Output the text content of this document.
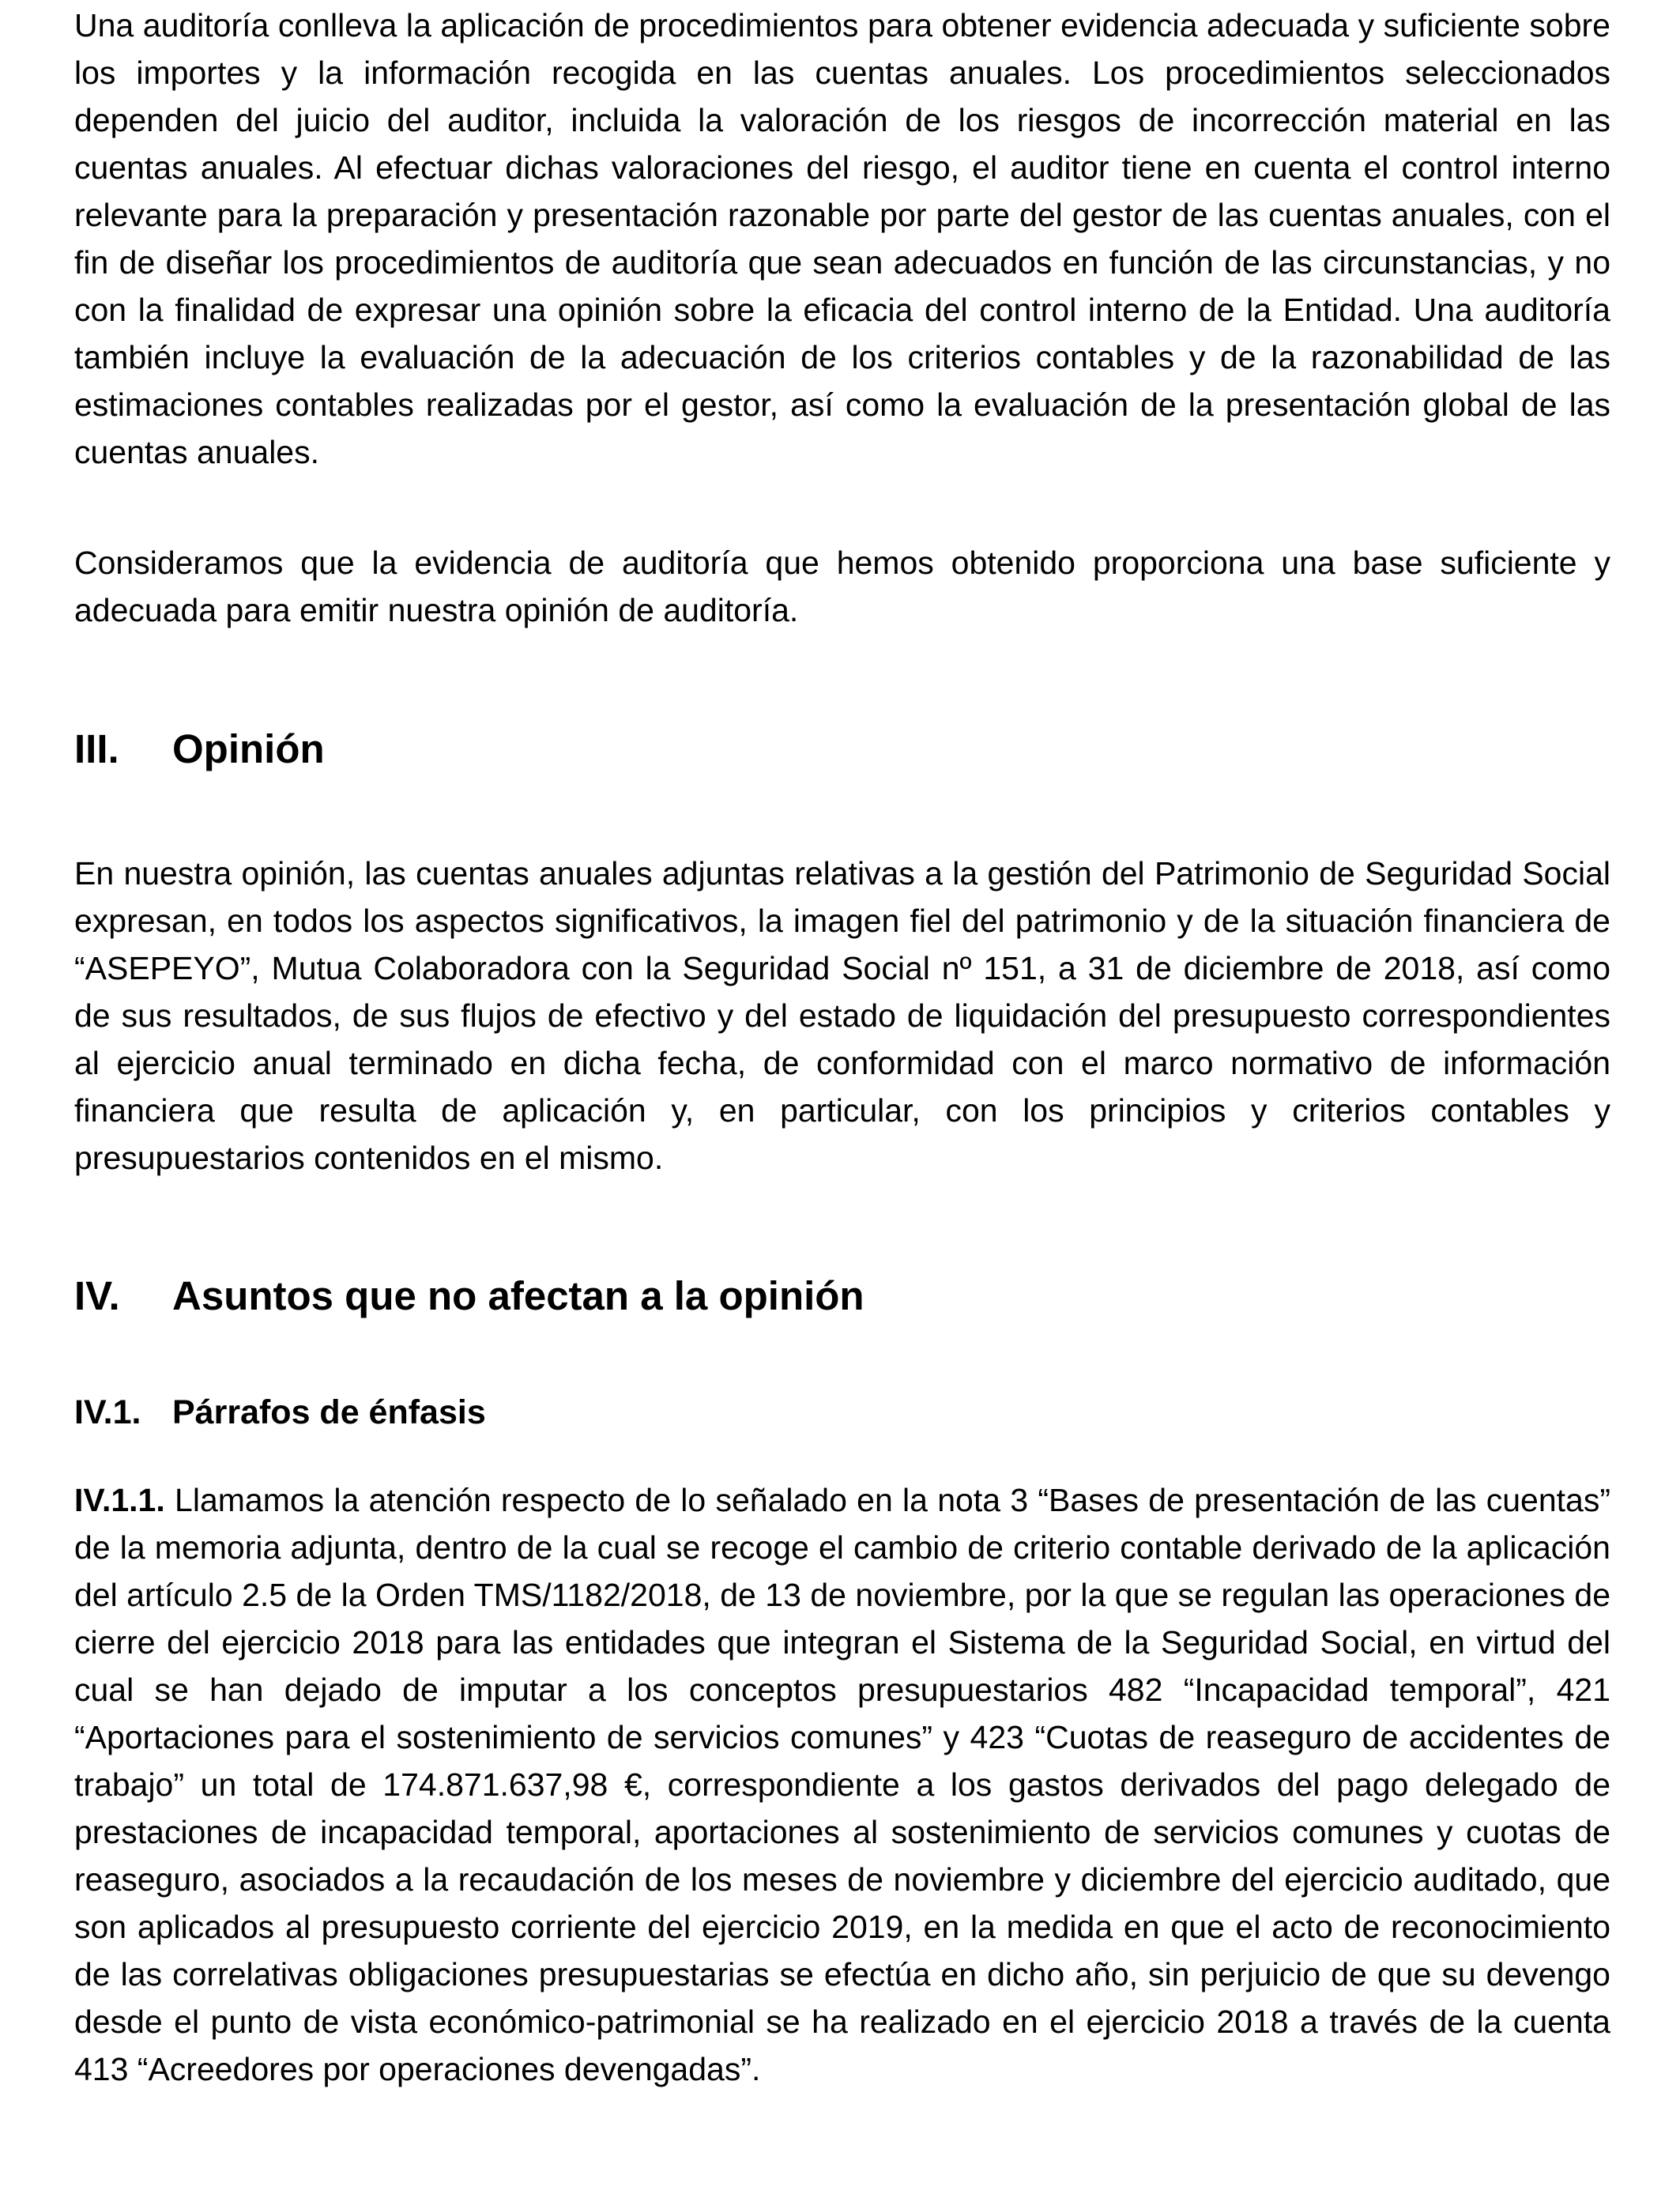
Una auditoría conlleva la aplicación de procedimientos para obtener evidencia adecuada y suficiente sobre los importes y la información recogida en las cuentas anuales. Los procedimientos seleccionados dependen del juicio del auditor, incluida la valoración de los riesgos de incorrección material en las cuentas anuales. Al efectuar dichas valoraciones del riesgo, el auditor tiene en cuenta el control interno relevante para la preparación y presentación razonable por parte del gestor de las cuentas anuales, con el fin de diseñar los procedimientos de auditoría que sean adecuados en función de las circunstancias, y no con la finalidad de expresar una opinión sobre la eficacia del control interno de la Entidad. Una auditoría también incluye la evaluación de la adecuación de los criterios contables y de la razonabilidad de las estimaciones contables realizadas por el gestor, así como la evaluación de la presentación global de las cuentas anuales.

Consideramos que la evidencia de auditoría que hemos obtenido proporciona una base suficiente y adecuada para emitir nuestra opinión de auditoría.

III. Opinión

En nuestra opinión, las cuentas anuales adjuntas relativas a la gestión del Patrimonio de Seguridad Social expresan, en todos los aspectos significativos, la imagen fiel del patrimonio y de la situación financiera de “ASEPEYO”, Mutua Colaboradora con la Seguridad Social nº 151, a 31 de diciembre de 2018, así como de sus resultados, de sus flujos de efectivo y del estado de liquidación del presupuesto correspondientes al ejercicio anual terminado en dicha fecha, de conformidad con el marco normativo de información financiera que resulta de aplicación y, en particular, con los principios y criterios contables y presupuestarios contenidos en el mismo.

IV. Asuntos que no afectan a la opinión
IV.1. Párrafos de énfasis

IV.1.1. Llamamos la atención respecto de lo señalado en la nota 3 “Bases de presentación de las cuentas” de la memoria adjunta, dentro de la cual se recoge el cambio de criterio contable derivado de la aplicación del artículo 2.5 de la Orden TMS/1182/2018, de 13 de noviembre, por la que se regulan las operaciones de cierre del ejercicio 2018 para las entidades que integran el Sistema de la Seguridad Social, en virtud del cual se han dejado de imputar a los conceptos presupuestarios 482 “Incapacidad temporal”, 421 “Aportaciones para el sostenimiento de servicios comunes” y 423 “Cuotas de reaseguro de accidentes de trabajo” un total de 174.871.637,98 €, correspondiente a los gastos derivados del pago delegado de prestaciones de incapacidad temporal, aportaciones al sostenimiento de servicios comunes y cuotas de reaseguro, asociados a la recaudación de los meses de noviembre y diciembre del ejercicio auditado, que son aplicados al presupuesto corriente del ejercicio 2019, en la medida en que el acto de reconocimiento de las correlativas obligaciones presupuestarias se efectúa en dicho año, sin perjuicio de que su devengo desde el punto de vista económico-patrimonial se ha realizado en el ejercicio 2018 a través de la cuenta 413 “Acreedores por operaciones devengadas”.
